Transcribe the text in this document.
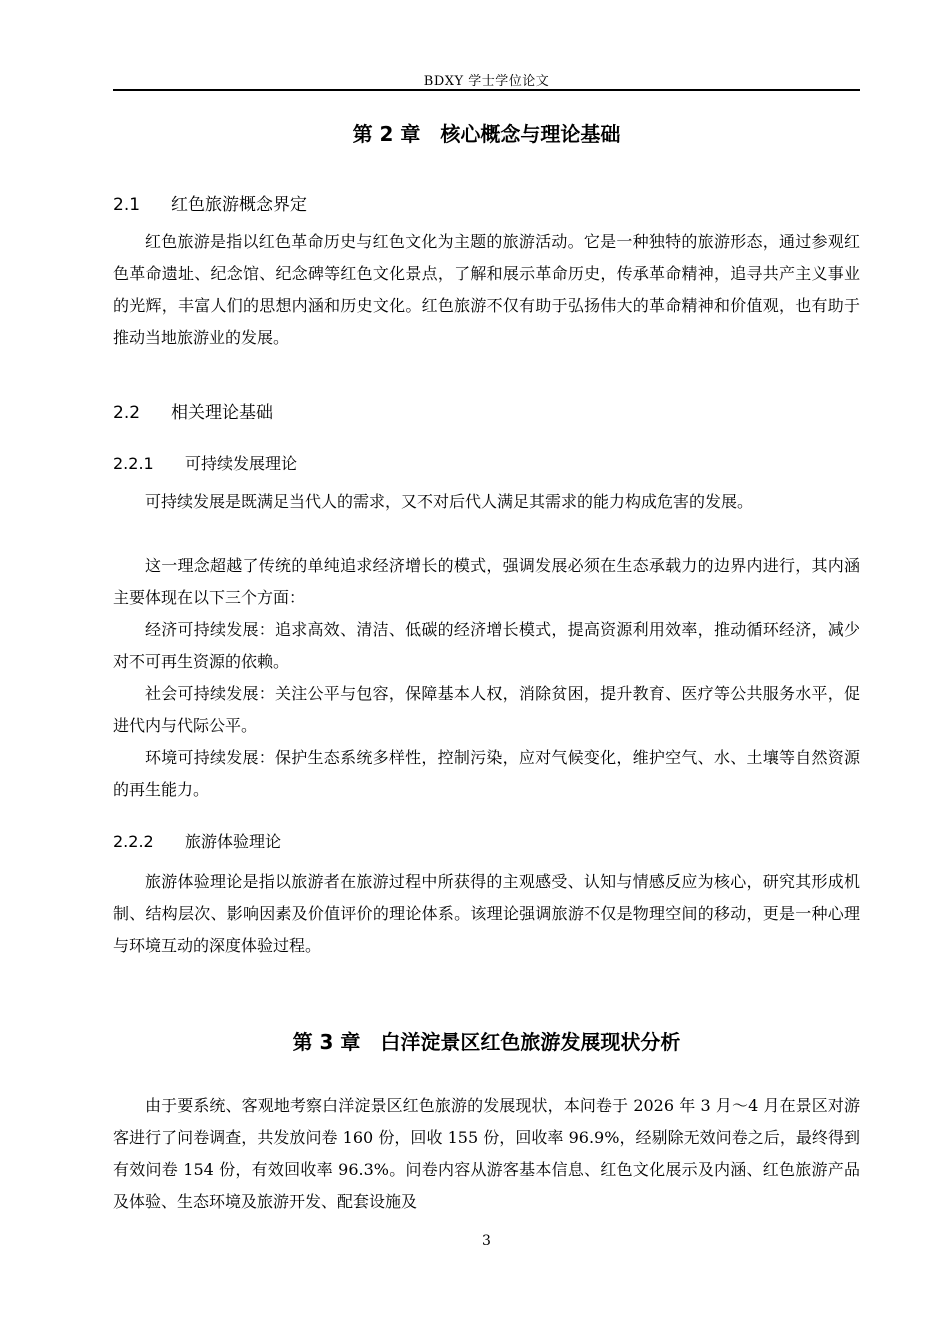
BDXY 学士学位论文
第 2 章　核心概念与理论基础
2.1 红色旅游概念界定

红色旅游是指以红色革命历史与红色文化为主题的旅游活动。它是一种独特的旅游形态，通过参观红色革命遗址、纪念馆、纪念碑等红色文化景点，了解和展示革命历史，传承革命精神，追寻共产主义事业的光辉，丰富人们的思想内涵和历史文化。红色旅游不仅有助于弘扬伟大的革命精神和价值观，也有助于推动当地旅游业的发展。

2.2 相关理论基础
2.2.1 可持续发展理论

可持续发展是既满足当代人的需求，又不对后代人满足其需求的能力构成危害的发展。

这一理念超越了传统的单纯追求经济增长的模式，强调发展必须在生态承载力的边界内进行，其内涵主要体现在以下三个方面：

经济可持续发展：追求高效、清洁、低碳的经济增长模式，提高资源利用效率，推动循环经济，减少对不可再生资源的依赖。

社会可持续发展：关注公平与包容，保障基本人权，消除贫困，提升教育、医疗等公共服务水平，促进代内与代际公平。

环境可持续发展：保护生态系统多样性，控制污染，应对气候变化，维护空气、水、土壤等自然资源的再生能力。

2.2.2 旅游体验理论

旅游体验理论是指以旅游者在旅游过程中所获得的主观感受、认知与情感反应为核心，研究其形成机制、结构层次、影响因素及价值评价的理论体系。该理论强调旅游不仅是物理空间的移动，更是一种心理与环境互动的深度体验过程。

第 3 章　白洋淀景区红色旅游发展现状分析

由于要系统、客观地考察白洋淀景区红色旅游的发展现状，本问卷于 2026 年 3 月～4 月在景区对游客进行了问卷调查，共发放问卷 160 份，回收 155 份，回收率 96.9%，经剔除无效问卷之后，最终得到有效问卷 154 份，有效回收率 96.3%。问卷内容从游客基本信息、红色文化展示及内涵、红色旅游产品及体验、生态环境及旅游开发、配套设施及

3
